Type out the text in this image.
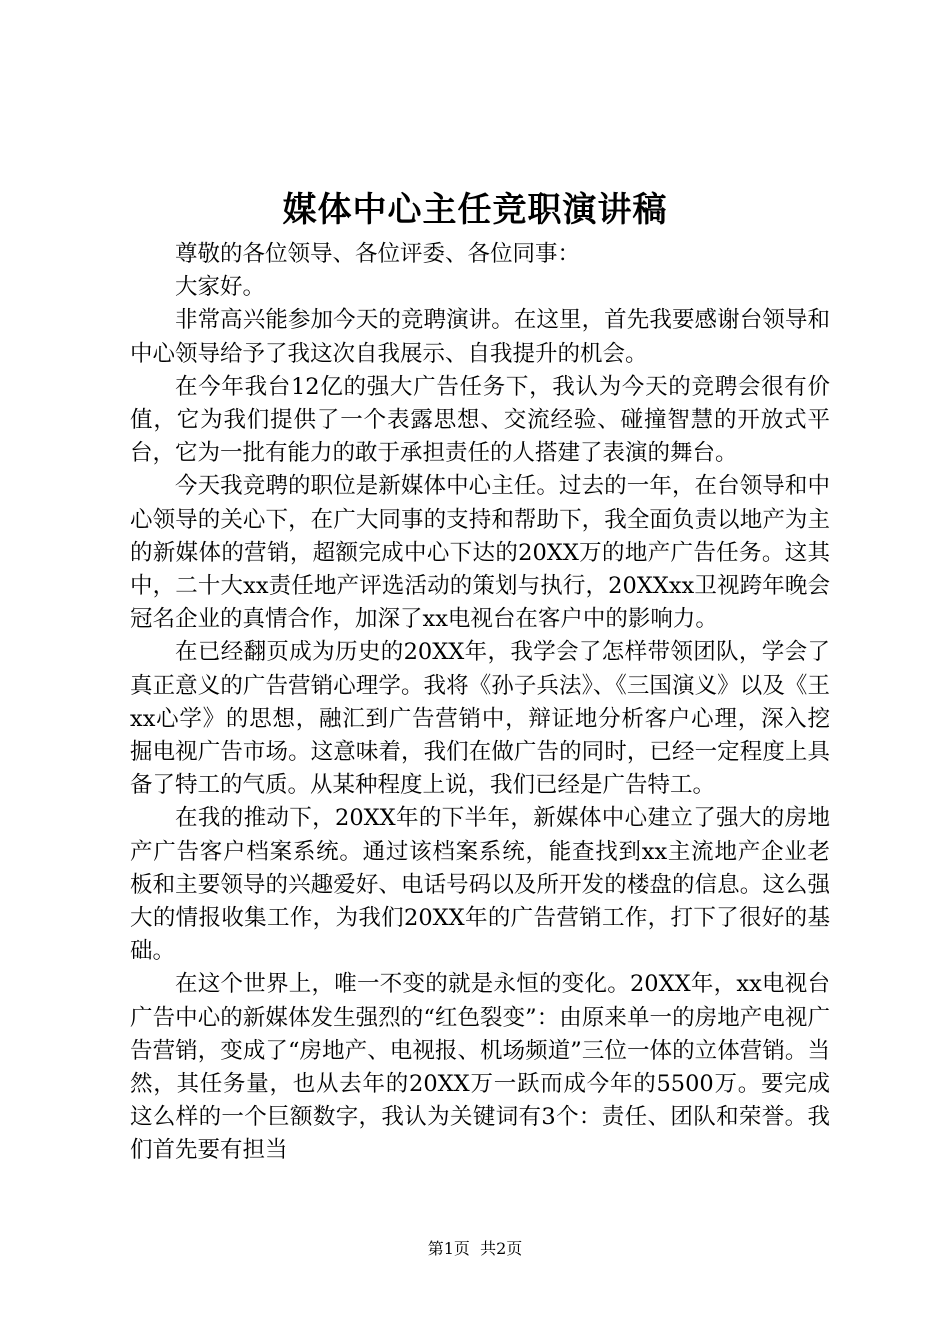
媒体中心主任竞职演讲稿

尊敬的各位领导、各位评委、各位同事：

大家好。

非常高兴能参加今天的竞聘演讲。在这里，首先我要感谢台领导和中心领导给予了我这次自我展示、自我提升的机会。

在今年我台12亿的强大广告任务下，我认为今天的竞聘会很有价值，它为我们提供了一个表露思想、交流经验、碰撞智慧的开放式平台，它为一批有能力的敢于承担责任的人搭建了表演的舞台。

今天我竞聘的职位是新媒体中心主任。过去的一年，在台领导和中心领导的关心下，在广大同事的支持和帮助下，我全面负责以地产为主的新媒体的营销，超额完成中心下达的20XX万的地产广告任务。这其中，二十大xx责任地产评选活动的策划与执行，20XXxx卫视跨年晚会冠名企业的真情合作，加深了xx电视台在客户中的影响力。

在已经翻页成为历史的20XX年，我学会了怎样带领团队，学会了真正意义的广告营销心理学。我将《孙子兵法》、《三国演义》以及《王xx心学》的思想，融汇到广告营销中，辩证地分析客户心理，深入挖掘电视广告市场。这意味着，我们在做广告的同时，已经一定程度上具备了特工的气质。从某种程度上说，我们已经是广告特工。

在我的推动下，20XX年的下半年，新媒体中心建立了强大的房地产广告客户档案系统。通过该档案系统，能查找到xx主流地产企业老板和主要领导的兴趣爱好、电话号码以及所开发的楼盘的信息。这么强大的情报收集工作，为我们20XX年的广告营销工作，打下了很好的基础。

在这个世界上，唯一不变的就是永恒的变化。20XX年，xx电视台广告中心的新媒体发生强烈的“红色裂变”：由原来单一的房地产电视广告营销，变成了“房地产、电视报、机场频道”三位一体的立体营销。当然，其任务量，也从去年的20XX万一跃而成今年的5500万。要完成这么样的一个巨额数字，我认为关键词有3个：责任、团队和荣誉。我们首先要有担当

第1页 共2页
